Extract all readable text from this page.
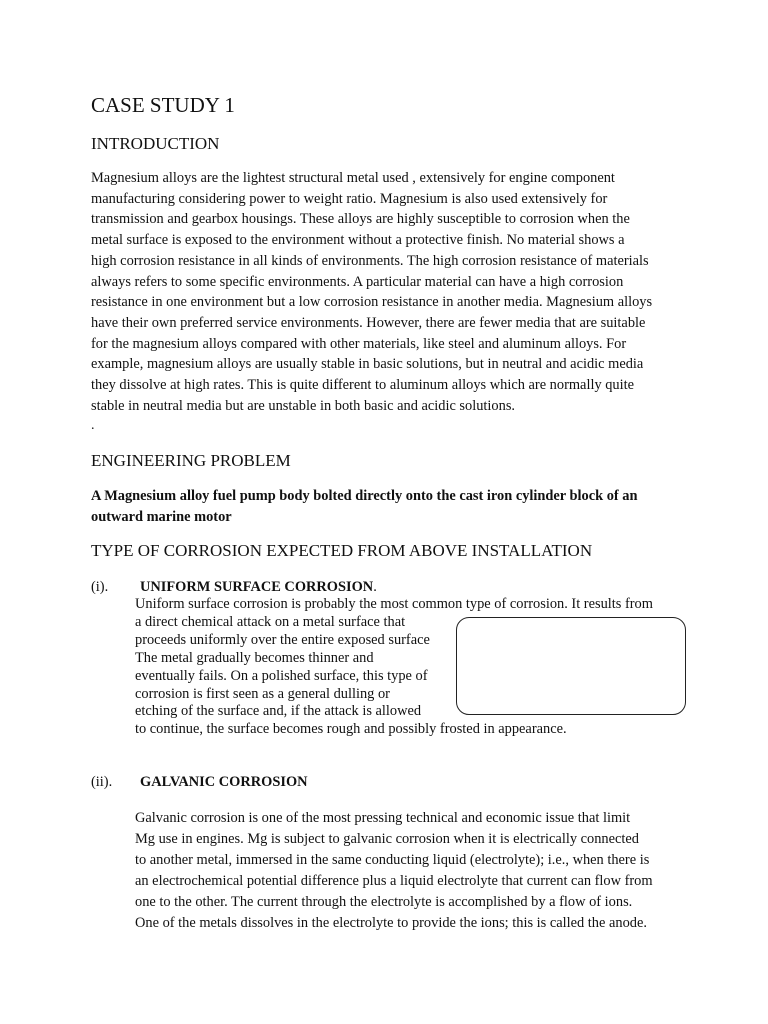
CASE STUDY 1
INTRODUCTION
Magnesium alloys are the lightest structural metal used , extensively for engine component
manufacturing considering power to weight ratio. Magnesium is also used extensively for
transmission and gearbox housings. These alloys are highly susceptible to corrosion when the
metal surface is exposed to the environment without a protective finish. No material shows a
high corrosion resistance in all kinds of environments. The high corrosion resistance of materials
always refers to some specific environments. A particular material can have a high corrosion
resistance in one environment but a low corrosion resistance in another media. Magnesium alloys
have their own preferred service environments. However, there are fewer media that are suitable
for the magnesium alloys compared with other materials, like steel and aluminum alloys. For
example, magnesium alloys are usually stable in basic solutions, but in neutral and acidic media
they dissolve at high rates. This is quite different to aluminum alloys which are normally quite
stable in neutral media but are unstable in both basic and acidic solutions.
.
ENGINEERING PROBLEM
A Magnesium alloy fuel pump body bolted directly onto the cast iron cylinder block of an
outward marine motor
TYPE OF CORROSION EXPECTED FROM ABOVE INSTALLATION
(i). UNIFORM SURFACE CORROSION.
Uniform surface corrosion is probably the most common type of corrosion. It results from
a direct chemical attack on a metal surface that
proceeds uniformly over the entire exposed surface
The metal gradually becomes thinner and
eventually fails. On a polished surface, this type of
corrosion is first seen as a general dulling or
etching of the surface and, if the attack is allowed
to continue, the surface becomes rough and possibly frosted in appearance.
(ii). GALVANIC CORROSION
Galvanic corrosion is one of the most pressing technical and economic issue that limit
Mg use in engines. Mg is subject to galvanic corrosion when it is electrically connected
to another metal, immersed in the same conducting liquid (electrolyte); i.e., when there is
an electrochemical potential difference plus a liquid electrolyte that current can flow from
one to the other. The current through the electrolyte is accomplished by a flow of ions.
One of the metals dissolves in the electrolyte to provide the ions; this is called the anode.
